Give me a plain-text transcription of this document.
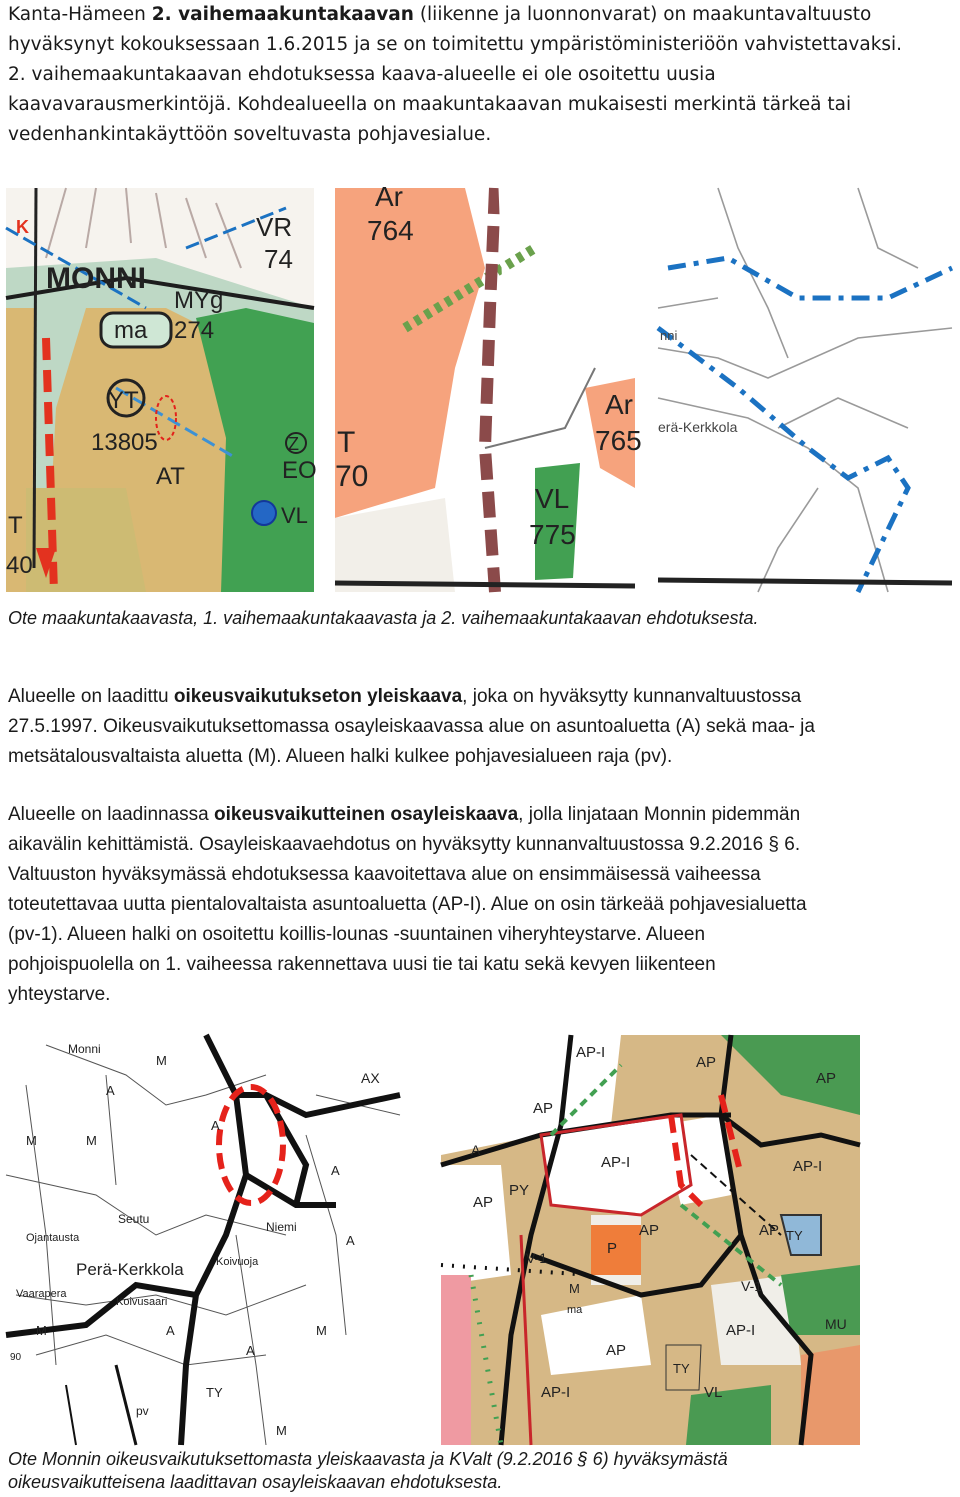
Kanta-Hämeen 2. vaihemaakuntakaavan (liikenne ja luonnonvarat) on maakuntavaltuusto
hyväksynyt kokouksessaan 1.6.2015 ja se on toimitettu ympäristöministeriöön vahvistettavaksi.
2. vaihemaakuntakaavan ehdotuksessa kaava-alueelle ei ole osoitettu uusia
kaavavarausmerkintöjä. Kohdealueella on maakuntakaavan mukaisesti merkintä tärkeä tai
vedenhankintakäyttöön soveltuvasta pohjavesialue.
K
MONNI
VR
74
MYg
ma 274
YT
13805
AT
Z
EO
VL
T
40
Ar
764
Ar
765
T
70
VL
775
nni
erä-Kerkkola
Ote maakuntakaavasta, 1. vaihemaakuntakaavasta ja 2. vaihemaakuntakaavan ehdotuksesta.
Alueelle on laadittu oikeusvaikutukseton yleiskaava, joka on hyväksytty kunnanvaltuustossa
27.5.1997. Oikeusvaikutuksettomassa osayleiskaavassa alue on asuntoaluetta (A) sekä maa- ja
metsätalousvaltaista aluetta (M). Alueen halki kulkee pohjavesialueen raja (pv).
Alueelle on laadinnassa oikeusvaikutteinen osayleiskaava, jolla linjataan Monnin pidemmän
aikavälin kehittämistä. Osayleiskaavaehdotus on hyväksytty kunnanvaltuustossa 9.2.2016 § 6.
Valtuuston hyväksymässä ehdotuksessa kaavoitettava alue on ensimmäisessä vaiheessa
toteutettavaa uutta pientalovaltaista asuntoaluetta (AP-I). Alue on osin tärkeää pohjavesialuetta
(pv-1). Alueen halki on osoitettu koillis-lounas -suuntainen viheryhteystarve. Alueen
pohjoispuolella on 1. vaiheessa rakennettava uusi tie tai katu sekä kevyen liikenteen
yhteystarve.
Monni
Seutu
Niemi
Ojantausta
Perä-Kerkkola	Koivuoja
Vaarapera
Koivusaari
A
A
A
A
A
A
M	M
M
M	M
M
AX
TY
pv
90
AP-I
AP
AP
AP
AP
AP	AP
AP
AP-I	AP-I
AP-I
AP-I
PY
P
TY
TY
VL
V-1
V-1
MU
A
ma
M
Ote Monnin oikeusvaikutuksettomasta yleiskaavasta ja KValt (9.2.2016 § 6) hyväksymästä
oikeusvaikutteisena laadittavan osayleiskaavan ehdotuksesta.
